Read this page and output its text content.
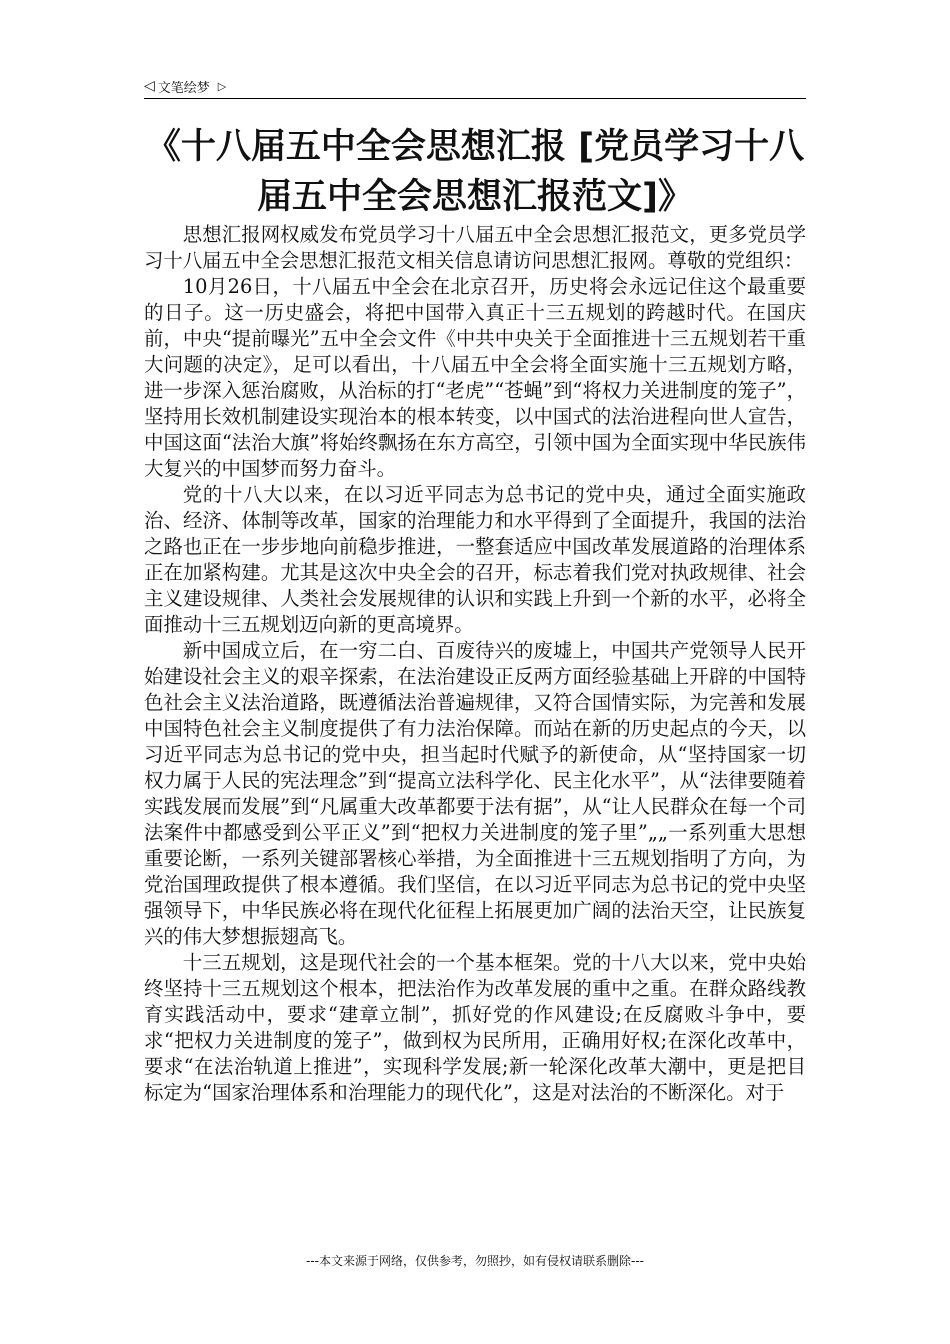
◁ 文笔绘梦 ▷
《十八届五中全会思想汇报 [党员学习十八届五中全会思想汇报范文]》

思想汇报网权威发布党员学习十八届五中全会思想汇报范文，更多党员学习十八届五中全会思想汇报范文相关信息请访问思想汇报网。尊敬的党组织：

10月26日，十八届五中全会在北京召开，历史将会永远记住这个最重要的日子。这一历史盛会，将把中国带入真正十三五规划的跨越时代。在国庆前，中央“提前曝光”五中全会文件《中共中央关于全面推进十三五规划若干重大问题的决定》，足可以看出，十八届五中全会将全面实施十三五规划方略，进一步深入惩治腐败，从治标的打“老虎”“苍蝇”到“将权力关进制度的笼子”，坚持用长效机制建设实现治本的根本转变，以中国式的法治进程向世人宣告，中国这面“法治大旗”将始终飘扬在东方高空，引领中国为全面实现中华民族伟大复兴的中国梦而努力奋斗。

党的十八大以来，在以习近平同志为总书记的党中央，通过全面实施政治、经济、体制等改革，国家的治理能力和水平得到了全面提升，我国的法治之路也正在一步步地向前稳步推进，一整套适应中国改革发展道路的治理体系正在加紧构建。尤其是这次中央全会的召开，标志着我们党对执政规律、社会主义建设规律、人类社会发展规律的认识和实践上升到一个新的水平，必将全面推动十三五规划迈向新的更高境界。

新中国成立后，在一穷二白、百废待兴的废墟上，中国共产党领导人民开始建设社会主义的艰辛探索，在法治建设正反两方面经验基础上开辟的中国特色社会主义法治道路，既遵循法治普遍规律，又符合国情实际，为完善和发展中国特色社会主义制度提供了有力法治保障。而站在新的历史起点的今天，以习近平同志为总书记的党中央，担当起时代赋予的新使命，从“坚持国家一切权力属于人民的宪法理念”到“提高立法科学化、民主化水平”，从“法律要随着实践发展而发展”到“凡属重大改革都要于法有据”，从“让人民群众在每一个司法案件中都感受到公平正义”到“把权力关进制度的笼子里”„„一系列重大思想重要论断，一系列关键部署核心举措，为全面推进十三五规划指明了方向，为党治国理政提供了根本遵循。我们坚信，在以习近平同志为总书记的党中央坚强领导下，中华民族必将在现代化征程上拓展更加广阔的法治天空，让民族复兴的伟大梦想振翅高飞。

十三五规划，这是现代社会的一个基本框架。党的十八大以来，党中央始终坚持十三五规划这个根本，把法治作为改革发展的重中之重。在群众路线教育实践活动中，要求“建章立制”，抓好党的作风建设;在反腐败斗争中，要求“把权力关进制度的笼子”，做到权为民所用，正确用好权;在深化改革中，要求“在法治轨道上推进”，实现科学发展;新一轮深化改革大潮中，更是把目标定为“国家治理体系和治理能力的现代化”，这是对法治的不断深化。对于

---本文来源于网络，仅供参考，勿照抄，如有侵权请联系删除---
